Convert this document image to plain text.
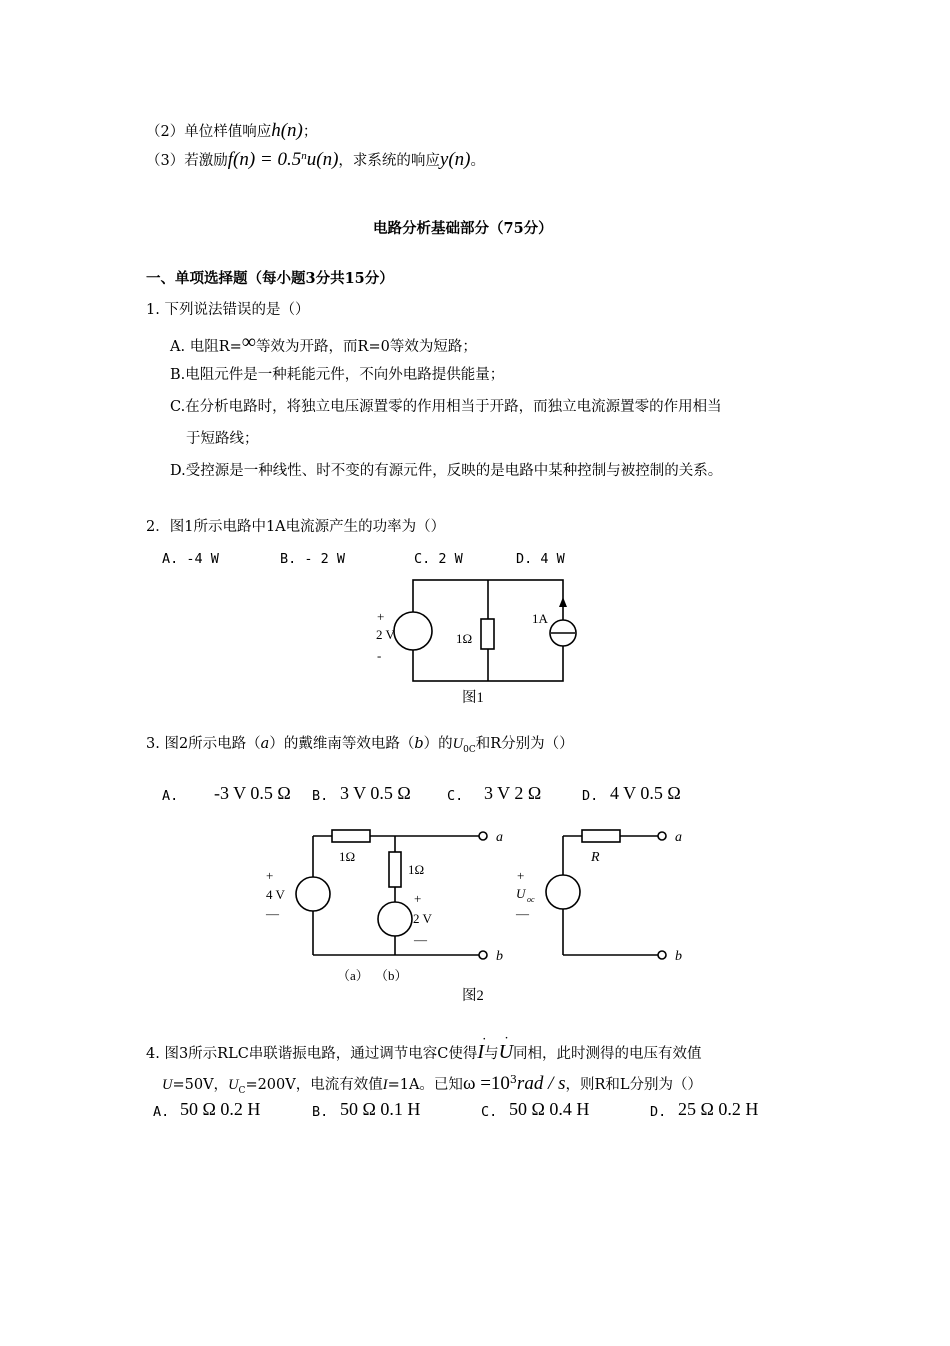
（2）单位样值响应h(n)；
（3）若激励$f(n) = 0.5^nu(n)$，求系统的响应y(n)。
电路分析基础部分（75分）
一、单项选择题（每小题3分共15分）
1. 下列说法错误的是（）
A. 电阻R=∞等效为开路，而R=0等效为短路；
B.电阻元件是一种耗能元件，不向外电路提供能量；
C.在分析电路时，将独立电压源置零的作用相当于开路，而独立电流源置零的作用相当
于短路线；
D.受控源是一种线性、时不变的有源元件，反映的是电路中某种控制与被控制的关系。
2．图1所示电路中1A电流源产生的功率为（）
A. -4 W	B. - 2 W	C. 2 W	D. 4 W
3. 图2所示电路（a）的戴维南等效电路（b）的$U_{0C}$和R分别为（）
A. -3 V 0.5 Ω B. 3 V 0.5 Ω	C. 3 V 2 Ω	D. 4 V 0.5 Ω
4. 图3所示RLC串联谐振电路，通过调节电容C使得
·
I与
·
U同相，此时测得的电压有效值
U=50V，$U_C=200V$，电流有效值I=1A。已知$\omega =10^3rad / s$，则R和L分别为（）
A. 50 Ω 0.2 H	B. 50 Ω 0.1 H	C. 50 Ω 0.4 H	D. 25 Ω 0.2 H
+
2 V
-
1Ω
1A
图1
1Ω
1Ω
+
4 V
—
+
2 V
—
a
b
（a） （b）
图2
R
+
U oc
—
a
b
